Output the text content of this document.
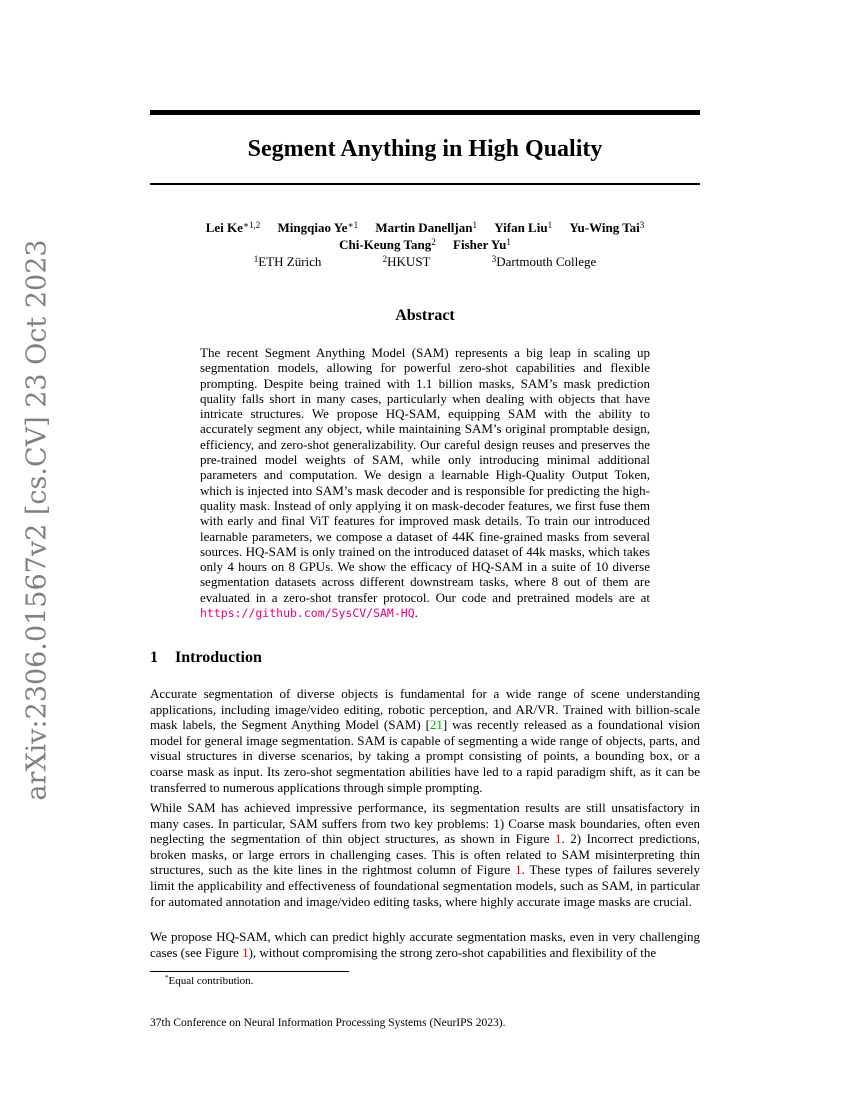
arXiv:2306.01567v2 [cs.CV] 23 Oct 2023
Segment Anything in High Quality
Lei $Ke^{∗1,2}$ Mingqiao $Ye^{∗1}$ Martin Danelljan$^1$ Yifan Liu$^1$ Yu-Wing Tai$^3$
Chi-Keung Tang$^2$ Fisher Yu$^1$
$^1$ETH Zürich	$^2$HKUST	$^3$Dartmouth College
Abstract

The recent Segment Anything Model (SAM) represents a big leap in scaling up segmentation models, allowing for powerful zero-shot capabilities and flexible prompting. Despite being trained with 1.1 billion masks, SAM’s mask prediction quality falls short in many cases, particularly when dealing with objects that have intricate structures. We propose HQ-SAM, equipping SAM with the ability to accurately segment any object, while maintaining SAM’s original promptable design, efficiency, and zero-shot generalizability. Our careful design reuses and preserves the pre-trained model weights of SAM, while only introducing minimal additional parameters and computation. We design a learnable High-Quality Output Token, which is injected into SAM’s mask decoder and is responsible for predicting the high-quality mask. Instead of only applying it on mask-decoder features, we first fuse them with early and final ViT features for improved mask details. To train our introduced learnable parameters, we compose a dataset of 44K fine-grained masks from several sources. HQ-SAM is only trained on the introduced dataset of 44k masks, which takes only 4 hours on 8 GPUs. We show the efficacy of HQ-SAM in a suite of 10 diverse segmentation datasets across different downstream tasks, where 8 out of them are evaluated in a zero-shot transfer protocol. Our code and pretrained models are at https://github.com/SysCV/SAM-HQ.

1 Introduction

Accurate segmentation of diverse objects is fundamental for a wide range of scene understanding applications, including image/video editing, robotic perception, and AR/VR. Trained with billion-scale mask labels, the Segment Anything Model (SAM) [21] was recently released as a foundational vision model for general image segmentation. SAM is capable of segmenting a wide range of objects, parts, and visual structures in diverse scenarios, by taking a prompt consisting of points, a bounding box, or a coarse mask as input. Its zero-shot segmentation abilities have led to a rapid paradigm shift, as it can be transferred to numerous applications through simple prompting.

While SAM has achieved impressive performance, its segmentation results are still unsatisfactory in many cases. In particular, SAM suffers from two key problems: 1) Coarse mask boundaries, often even neglecting the segmentation of thin object structures, as shown in Figure 1. 2) Incorrect predictions, broken masks, or large errors in challenging cases. This is often related to SAM misinterpreting thin structures, such as the kite lines in the rightmost column of Figure 1. These types of failures severely limit the applicability and effectiveness of foundational segmentation models, such as SAM, in particular for automated annotation and image/video editing tasks, where highly accurate image masks are crucial.

We propose HQ-SAM, which can predict highly accurate segmentation masks, even in very challenging cases (see Figure 1), without compromising the strong zero-shot capabilities and flexibility of the

*Equal contribution.
37th Conference on Neural Information Processing Systems (NeurIPS 2023).
